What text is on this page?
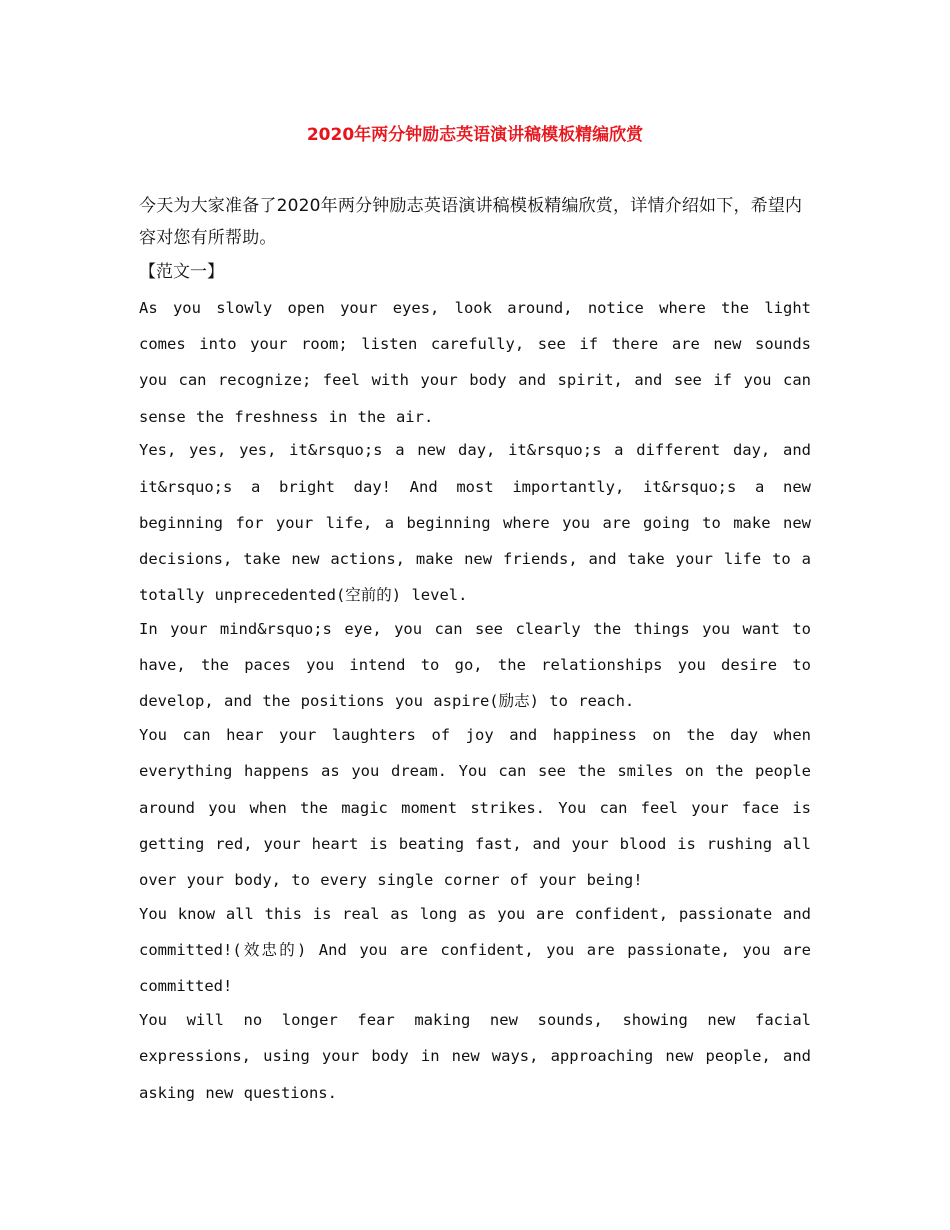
2020年两分钟励志英语演讲稿模板精编欣赏

今天为大家准备了2020年两分钟励志英语演讲稿模板精编欣赏，详情介绍如下，希望内容对您有所帮助。

【范文一】

As you slowly open your eyes, look around, notice where the light comes into your room; listen carefully, see if there are new sounds you can recognize; feel with your body and spirit, and see if you can sense the freshness in the air.

Yes, yes, yes, it&rsquo;s a new day, it&rsquo;s a different day, and it&rsquo;s a bright day! And most importantly, it&rsquo;s a new beginning for your life, a beginning where you are going to make new decisions, take new actions, make new friends, and take your life to a totally unprecedented(空前的) level.

In your mind&rsquo;s eye, you can see clearly the things you want to have, the paces you intend to go, the relationships you desire to develop, and the positions you aspire(励志) to reach.

You can hear your laughters of joy and happiness on the day when everything happens as you dream. You can see the smiles on the people around you when the magic moment strikes. You can feel your face is getting red, your heart is beating fast, and your blood is rushing all over your body, to every single corner of your being!

You know all this is real as long as you are confident, passionate and committed!(效忠的) And you are confident, you are passionate, you are committed!

You will no longer fear making new sounds, showing new facial expressions, using your body in new ways, approaching new people, and asking new questions.
